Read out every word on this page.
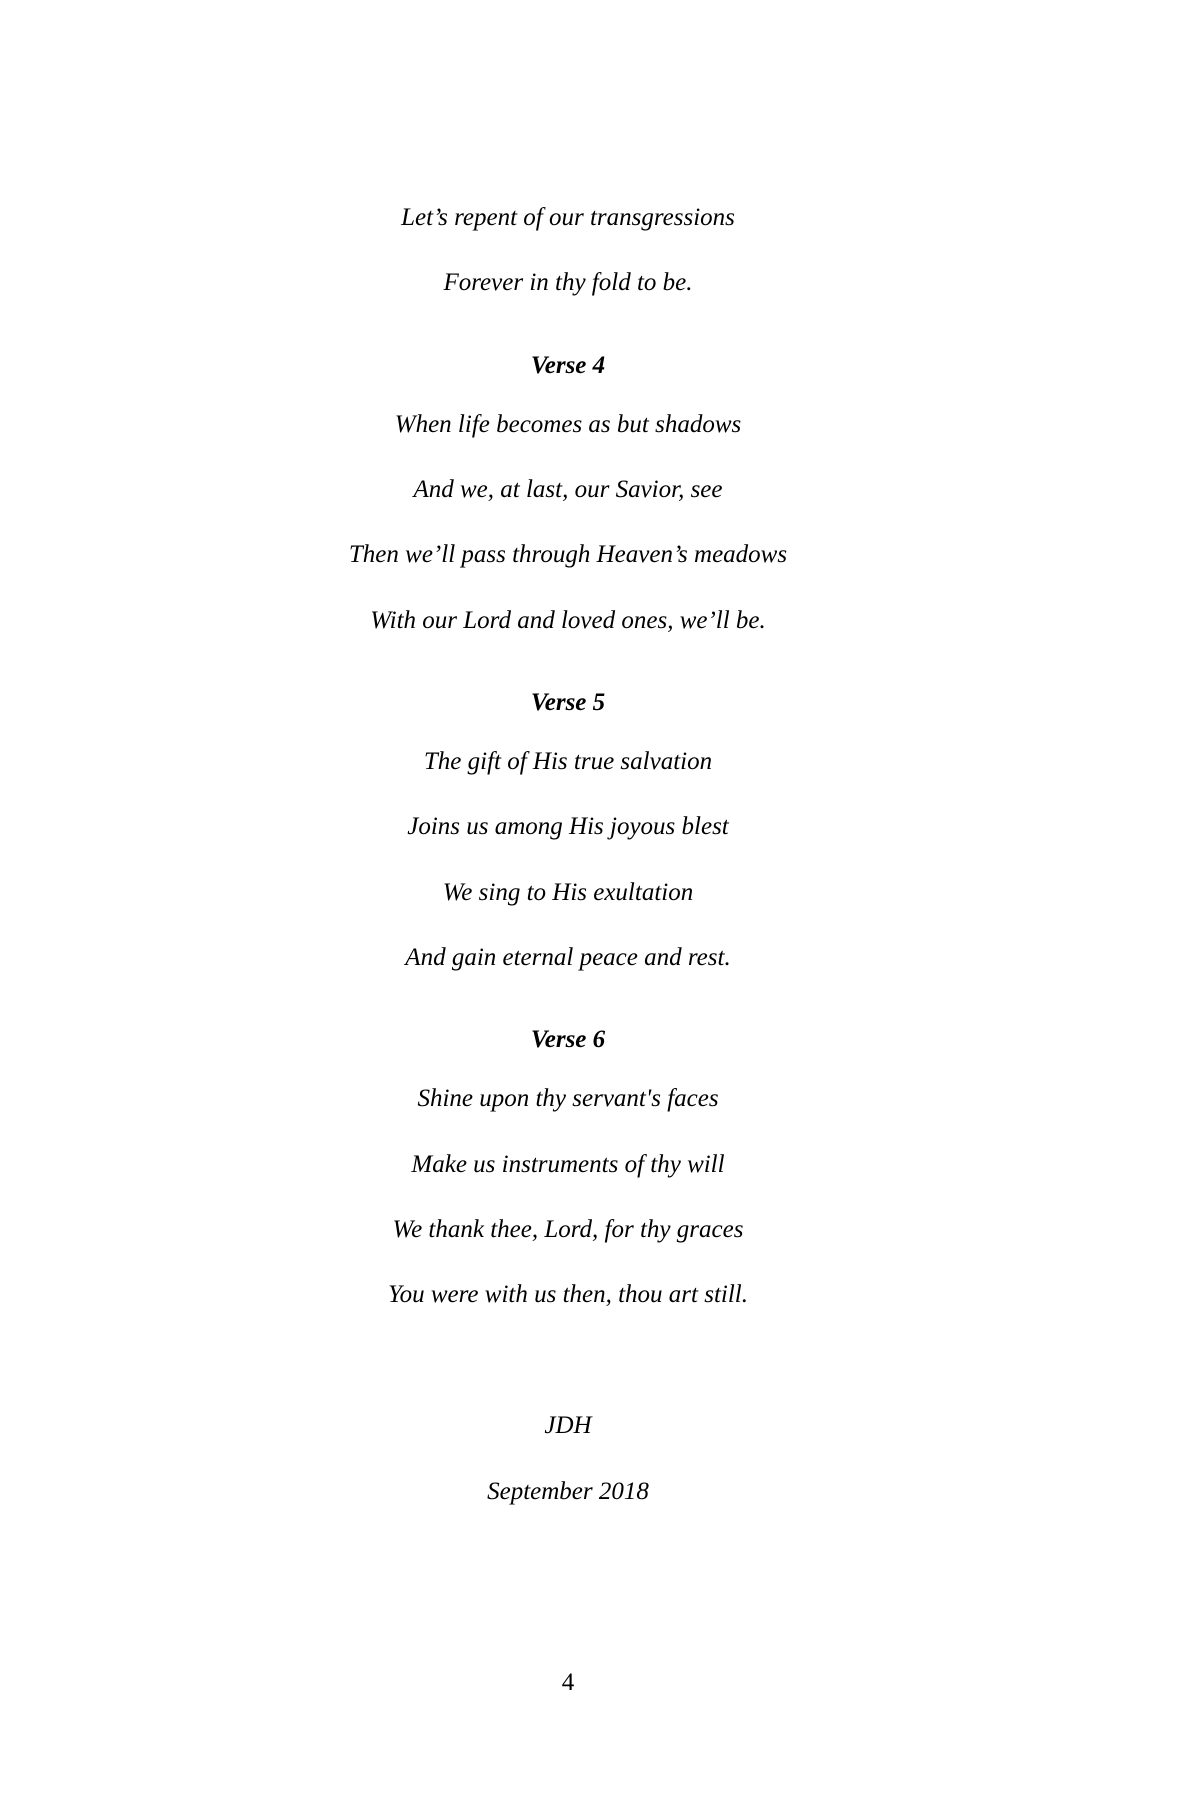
Let’s repent of our transgressions
Forever in thy fold to be.
Verse 4
When life becomes as but shadows
And we, at last, our Savior, see
Then we’ll pass through Heaven’s meadows
With our Lord and loved ones, we’ll be.
Verse 5
The gift of His true salvation
Joins us among His joyous blest
We sing to His exultation
And gain eternal peace and rest.
Verse 6
Shine upon thy servant's faces
Make us instruments of thy will
We thank thee, Lord, for thy graces
You were with us then, thou art still.
JDH
September 2018
4
